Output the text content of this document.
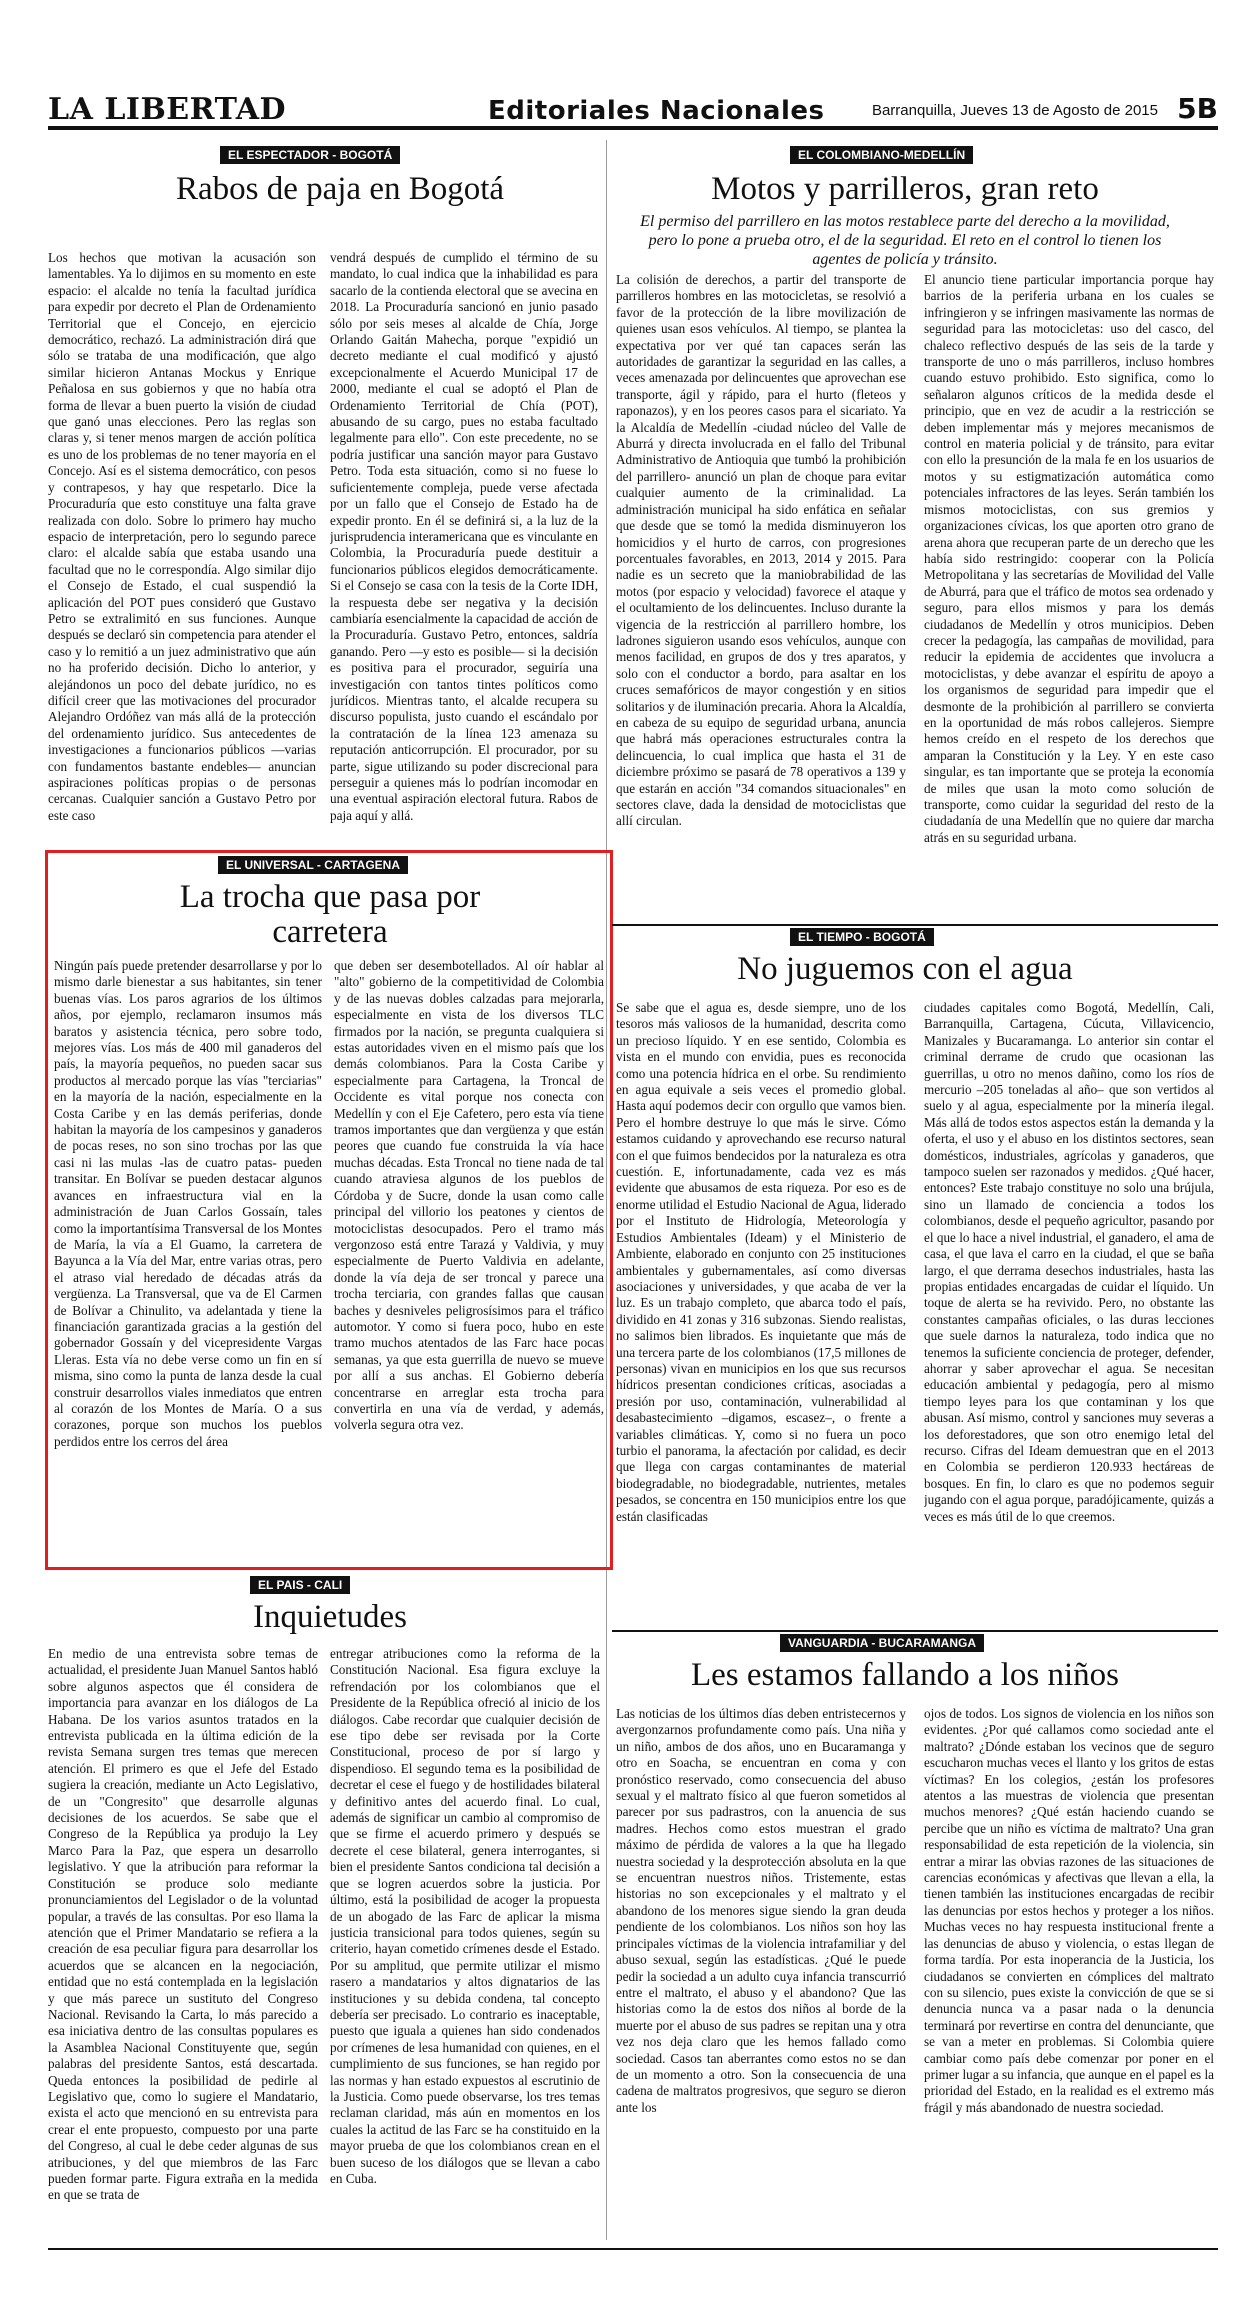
LA LIBERTAD	Editoriales Nacionales	Barranquilla, Jueves 13 de Agosto de 2015 5B
EL ESPECTADOR - BOGOTÁ
Rabos de paja en Bogotá
Los hechos que motivan la acusación son lamentables. Ya lo dijimos en su momento en este espacio: el alcalde no tenía la facultad jurídica para expedir por decreto el Plan de Ordenamiento Territorial que el Concejo, en ejercicio democrático, rechazó. La administración dirá que sólo se trataba de una modificación, que algo similar hicieron Antanas Mockus y Enrique Peñalosa en sus gobiernos y que no había otra forma de llevar a buen puerto la visión de ciudad que ganó unas elecciones. Pero las reglas son claras y, si tener menos margen de acción política es uno de los problemas de no tener mayoría en el Concejo. Así es el sistema democrático, con pesos y contrapesos, y hay que respetarlo. Dice la Procuraduría que esto constituye una falta grave realizada con dolo. Sobre lo primero hay mucho espacio de interpretación, pero lo segundo parece claro: el alcalde sabía que estaba usando una facultad que no le correspondía. Algo similar dijo el Consejo de Estado, el cual suspendió la aplicación del POT pues consideró que Gustavo Petro se extralimitó en sus funciones. Aunque después se declaró sin competencia para atender el caso y lo remitió a un juez administrativo que aún no ha proferido decisión. Dicho lo anterior, y alejándonos un poco del debate jurídico, no es difícil creer que las motivaciones del procurador Alejandro Ordóñez van más allá de la protección del ordenamiento jurídico. Sus antecedentes de investigaciones a funcionarios públicos —varias con fundamentos bastante endebles— anuncian aspiraciones políticas propias o de personas cercanas. Cualquier sanción a Gustavo Petro por este caso
vendrá después de cumplido el término de su mandato, lo cual indica que la inhabilidad es para sacarlo de la contienda electoral que se avecina en 2018. La Procuraduría sancionó en junio pasado sólo por seis meses al alcalde de Chía, Jorge Orlando Gaitán Mahecha, porque "expidió un decreto mediante el cual modificó y ajustó excepcionalmente el Acuerdo Municipal 17 de 2000, mediante el cual se adoptó el Plan de Ordenamiento Territorial de Chía (POT), abusando de su cargo, pues no estaba facultado legalmente para ello". Con este precedente, no se podría justificar una sanción mayor para Gustavo Petro. Toda esta situación, como si no fuese lo suficientemente compleja, puede verse afectada por un fallo que el Consejo de Estado ha de expedir pronto. En él se definirá si, a la luz de la jurisprudencia interamericana que es vinculante en Colombia, la Procuraduría puede destituir a funcionarios públicos elegidos democráticamente. Si el Consejo se casa con la tesis de la Corte IDH, la respuesta debe ser negativa y la decisión cambiaría esencialmente la capacidad de acción de la Procuraduría. Gustavo Petro, entonces, saldría ganando. Pero —y esto es posible— si la decisión es positiva para el procurador, seguiría una investigación con tantos tintes políticos como jurídicos. Mientras tanto, el alcalde recupera su discurso populista, justo cuando el escándalo por la contratación de la línea 123 amenaza su reputación anticorrupción. El procurador, por su parte, sigue utilizando su poder discrecional para perseguir a quienes más lo podrían incomodar en una eventual aspiración electoral futura. Rabos de paja aquí y allá.
EL COLOMBIANO-MEDELLÍN
Motos y parrilleros, gran reto
El permiso del parrillero en las motos restablece parte del derecho a la movilidad, pero lo pone a prueba otro, el de la seguridad. El reto en el control lo tienen los agentes de policía y tránsito.
La colisión de derechos, a partir del transporte de parrilleros hombres en las motocicletas, se resolvió a favor de la protección de la libre movilización de quienes usan esos vehículos. Al tiempo, se plantea la expectativa por ver qué tan capaces serán las autoridades de garantizar la seguridad en las calles, a veces amenazada por delincuentes que aprovechan ese transporte, ágil y rápido, para el hurto (fleteos y raponazos), y en los peores casos para el sicariato. Ya la Alcaldía de Medellín -ciudad núcleo del Valle de Aburrá y directa involucrada en el fallo del Tribunal Administrativo de Antioquia que tumbó la prohibición del parrillero- anunció un plan de choque para evitar cualquier aumento de la criminalidad. La administración municipal ha sido enfática en señalar que desde que se tomó la medida disminuyeron los homicidios y el hurto de carros, con progresiones porcentuales favorables, en 2013, 2014 y 2015. Para nadie es un secreto que la maniobrabilidad de las motos (por espacio y velocidad) favorece el ataque y el ocultamiento de los delincuentes. Incluso durante la vigencia de la restricción al parrillero hombre, los ladrones siguieron usando esos vehículos, aunque con menos facilidad, en grupos de dos y tres aparatos, y solo con el conductor a bordo, para asaltar en los cruces semafóricos de mayor congestión y en sitios solitarios y de iluminación precaria. Ahora la Alcaldía, en cabeza de su equipo de seguridad urbana, anuncia que habrá más operaciones estructurales contra la delincuencia, lo cual implica que hasta el 31 de diciembre próximo se pasará de 78 operativos a 139 y que estarán en acción "34 comandos situacionales" en sectores clave, dada la densidad de motociclistas que allí circulan.
El anuncio tiene particular importancia porque hay barrios de la periferia urbana en los cuales se infringieron y se infringen masivamente las normas de seguridad para las motocicletas: uso del casco, del chaleco reflectivo después de las seis de la tarde y transporte de uno o más parrilleros, incluso hombres cuando estuvo prohibido. Esto significa, como lo señalaron algunos críticos de la medida desde el principio, que en vez de acudir a la restricción se deben implementar más y mejores mecanismos de control en materia policial y de tránsito, para evitar con ello la presunción de la mala fe en los usuarios de motos y su estigmatización automática como potenciales infractores de las leyes. Serán también los mismos motociclistas, con sus gremios y organizaciones cívicas, los que aporten otro grano de arena ahora que recuperan parte de un derecho que les había sido restringido: cooperar con la Policía Metropolitana y las secretarías de Movilidad del Valle de Aburrá, para que el tráfico de motos sea ordenado y seguro, para ellos mismos y para los demás ciudadanos de Medellín y otros municipios. Deben crecer la pedagogía, las campañas de movilidad, para reducir la epidemia de accidentes que involucra a motociclistas, y debe avanzar el espíritu de apoyo a los organismos de seguridad para impedir que el desmonte de la prohibición al parrillero se convierta en la oportunidad de más robos callejeros. Siempre hemos creído en el respeto de los derechos que amparan la Constitución y la Ley. Y en este caso singular, es tan importante que se proteja la economía de miles que usan la moto como solución de transporte, como cuidar la seguridad del resto de la ciudadanía de una Medellín que no quiere dar marcha atrás en su seguridad urbana.
EL UNIVERSAL - CARTAGENA
La trocha que pasa por carretera
Ningún país puede pretender desarrollarse y por lo mismo darle bienestar a sus habitantes, sin tener buenas vías. Los paros agrarios de los últimos años, por ejemplo, reclamaron insumos más baratos y asistencia técnica, pero sobre todo, mejores vías. Los más de 400 mil ganaderos del país, la mayoría pequeños, no pueden sacar sus productos al mercado porque las vías "terciarias" en la mayoría de la nación, especialmente en la Costa Caribe y en las demás periferias, donde habitan la mayoría de los campesinos y ganaderos de pocas reses, no son sino trochas por las que casi ni las mulas -las de cuatro patas- pueden transitar. En Bolívar se pueden destacar algunos avances en infraestructura vial en la administración de Juan Carlos Gossaín, tales como la importantísima Transversal de los Montes de María, la vía a El Guamo, la carretera de Bayunca a la Vía del Mar, entre varias otras, pero el atraso vial heredado de décadas atrás da vergüenza. La Transversal, que va de El Carmen de Bolívar a Chinulito, va adelantada y tiene la financiación garantizada gracias a la gestión del gobernador Gossaín y del vicepresidente Vargas Lleras. Esta vía no debe verse como un fin en sí misma, sino como la punta de lanza desde la cual construir desarrollos viales inmediatos que entren al corazón de los Montes de María. O a sus corazones, porque son muchos los pueblos perdidos entre los cerros del área
que deben ser desembotellados. Al oír hablar al "alto" gobierno de la competitividad de Colombia y de las nuevas dobles calzadas para mejorarla, especialmente en vista de los diversos TLC firmados por la nación, se pregunta cualquiera si estas autoridades viven en el mismo país que los demás colombianos. Para la Costa Caribe y especialmente para Cartagena, la Troncal de Occidente es vital porque nos conecta con Medellín y con el Eje Cafetero, pero esta vía tiene tramos importantes que dan vergüenza y que están peores que cuando fue construida la vía hace muchas décadas. Esta Troncal no tiene nada de tal cuando atraviesa algunos de los pueblos de Córdoba y de Sucre, donde la usan como calle principal del villorio los peatones y cientos de motociclistas desocupados. Pero el tramo más vergonzoso está entre Tarazá y Valdivia, y muy especialmente de Puerto Valdivia en adelante, donde la vía deja de ser troncal y parece una trocha terciaria, con grandes fallas que causan baches y desniveles peligrosísimos para el tráfico automotor. Y como si fuera poco, hubo en este tramo muchos atentados de las Farc hace pocas semanas, ya que esta guerrilla de nuevo se mueve por allí a sus anchas. El Gobierno debería concentrarse en arreglar esta trocha para convertirla en una vía de verdad, y además, volverla segura otra vez.
EL TIEMPO - BOGOTÁ
No juguemos con el agua
Se sabe que el agua es, desde siempre, uno de los tesoros más valiosos de la humanidad, descrita como un precioso líquido. Y en ese sentido, Colombia es vista en el mundo con envidia, pues es reconocida como una potencia hídrica en el orbe. Su rendimiento en agua equivale a seis veces el promedio global. Hasta aquí podemos decir con orgullo que vamos bien. Pero el hombre destruye lo que más le sirve. Cómo estamos cuidando y aprovechando ese recurso natural con el que fuimos bendecidos por la naturaleza es otra cuestión. E, infortunadamente, cada vez es más evidente que abusamos de esta riqueza. Por eso es de enorme utilidad el Estudio Nacional de Agua, liderado por el Instituto de Hidrología, Meteorología y Estudios Ambientales (Ideam) y el Ministerio de Ambiente, elaborado en conjunto con 25 instituciones ambientales y gubernamentales, así como diversas asociaciones y universidades, y que acaba de ver la luz. Es un trabajo completo, que abarca todo el país, dividido en 41 zonas y 316 subzonas. Siendo realistas, no salimos bien librados. Es inquietante que más de una tercera parte de los colombianos (17,5 millones de personas) vivan en municipios en los que sus recursos hídricos presentan condiciones críticas, asociadas a presión por uso, contaminación, vulnerabilidad al desabastecimiento –digamos, escasez–, o frente a variables climáticas. Y, como si no fuera un poco turbio el panorama, la afectación por calidad, es decir que llega con cargas contaminantes de material biodegradable, no biodegradable, nutrientes, metales pesados, se concentra en 150 municipios entre los que están clasificadas
ciudades capitales como Bogotá, Medellín, Cali, Barranquilla, Cartagena, Cúcuta, Villavicencio, Manizales y Bucaramanga. Lo anterior sin contar el criminal derrame de crudo que ocasionan las guerrillas, u otro no menos dañino, como los ríos de mercurio –205 toneladas al año– que son vertidos al suelo y al agua, especialmente por la minería ilegal. Más allá de todos estos aspectos están la demanda y la oferta, el uso y el abuso en los distintos sectores, sean domésticos, industriales, agrícolas y ganaderos, que tampoco suelen ser razonados y medidos. ¿Qué hacer, entonces? Este trabajo constituye no solo una brújula, sino un llamado de conciencia a todos los colombianos, desde el pequeño agricultor, pasando por el que lo hace a nivel industrial, el ganadero, el ama de casa, el que lava el carro en la ciudad, el que se baña largo, el que derrama desechos industriales, hasta las propias entidades encargadas de cuidar el líquido. Un toque de alerta se ha revivido. Pero, no obstante las constantes campañas oficiales, o las duras lecciones que suele darnos la naturaleza, todo indica que no tenemos la suficiente conciencia de proteger, defender, ahorrar y saber aprovechar el agua. Se necesitan educación ambiental y pedagogía, pero al mismo tiempo leyes para los que contaminan y los que abusan. Así mismo, control y sanciones muy severas a los deforestadores, que son otro enemigo letal del recurso. Cifras del Ideam demuestran que en el 2013 en Colombia se perdieron 120.933 hectáreas de bosques. En fin, lo claro es que no podemos seguir jugando con el agua porque, paradójicamente, quizás a veces es más útil de lo que creemos.
EL PAIS - CALI
Inquietudes
En medio de una entrevista sobre temas de actualidad, el presidente Juan Manuel Santos habló sobre algunos aspectos que él considera de importancia para avanzar en los diálogos de La Habana. De los varios asuntos tratados en la entrevista publicada en la última edición de la revista Semana surgen tres temas que merecen atención. El primero es que el Jefe del Estado sugiera la creación, mediante un Acto Legislativo, de un "Congresito" que desarrolle algunas decisiones de los acuerdos. Se sabe que el Congreso de la República ya produjo la Ley Marco Para la Paz, que espera un desarrollo legislativo. Y que la atribución para reformar la Constitución se produce solo mediante pronunciamientos del Legislador o de la voluntad popular, a través de las consultas. Por eso llama la atención que el Primer Mandatario se refiera a la creación de esa peculiar figura para desarrollar los acuerdos que se alcancen en la negociación, entidad que no está contemplada en la legislación y que más parece un sustituto del Congreso Nacional. Revisando la Carta, lo más parecido a esa iniciativa dentro de las consultas populares es la Asamblea Nacional Constituyente que, según palabras del presidente Santos, está descartada. Queda entonces la posibilidad de pedirle al Legislativo que, como lo sugiere el Mandatario, exista el acto que mencionó en su entrevista para crear el ente propuesto, compuesto por una parte del Congreso, al cual le debe ceder algunas de sus atribuciones, y del que miembros de las Farc pueden formar parte. Figura extraña en la medida en que se trata de
entregar atribuciones como la reforma de la Constitución Nacional. Esa figura excluye la refrendación por los colombianos que el Presidente de la República ofreció al inicio de los diálogos. Cabe recordar que cualquier decisión de ese tipo debe ser revisada por la Corte Constitucional, proceso de por sí largo y dispendioso. El segundo tema es la posibilidad de decretar el cese el fuego y de hostilidades bilateral y definitivo antes del acuerdo final. Lo cual, además de significar un cambio al compromiso de que se firme el acuerdo primero y después se decrete el cese bilateral, genera interrogantes, si bien el presidente Santos condiciona tal decisión a que se logren acuerdos sobre la justicia. Por último, está la posibilidad de acoger la propuesta de un abogado de las Farc de aplicar la misma justicia transicional para todos quienes, según su criterio, hayan cometido crímenes desde el Estado. Por su amplitud, que permite utilizar el mismo rasero a mandatarios y altos dignatarios de las instituciones y su debida condena, tal concepto debería ser precisado. Lo contrario es inaceptable, puesto que iguala a quienes han sido condenados por crímenes de lesa humanidad con quienes, en el cumplimiento de sus funciones, se han regido por las normas y han estado expuestos al escrutinio de la Justicia. Como puede observarse, los tres temas reclaman claridad, más aún en momentos en los cuales la actitud de las Farc se ha constituido en la mayor prueba de que los colombianos crean en el buen suceso de los diálogos que se llevan a cabo en Cuba.
VANGUARDIA - BUCARAMANGA
Les estamos fallando a los niños
Las noticias de los últimos días deben entristecernos y avergonzarnos profundamente como país. Una niña y un niño, ambos de dos años, uno en Bucaramanga y otro en Soacha, se encuentran en coma y con pronóstico reservado, como consecuencia del abuso sexual y el maltrato físico al que fueron sometidos al parecer por sus padrastros, con la anuencia de sus madres. Hechos como estos muestran el grado máximo de pérdida de valores a la que ha llegado nuestra sociedad y la desprotección absoluta en la que se encuentran nuestros niños. Tristemente, estas historias no son excepcionales y el maltrato y el abandono de los menores sigue siendo la gran deuda pendiente de los colombianos. Los niños son hoy las principales víctimas de la violencia intrafamiliar y del abuso sexual, según las estadísticas. ¿Qué le puede pedir la sociedad a un adulto cuya infancia transcurrió entre el maltrato, el abuso y el abandono? Que las historias como la de estos dos niños al borde de la muerte por el abuso de sus padres se repitan una y otra vez nos deja claro que les hemos fallado como sociedad. Casos tan aberrantes como estos no se dan de un momento a otro. Son la consecuencia de una cadena de maltratos progresivos, que seguro se dieron ante los
ojos de todos. Los signos de violencia en los niños son evidentes. ¿Por qué callamos como sociedad ante el maltrato? ¿Dónde estaban los vecinos que de seguro escucharon muchas veces el llanto y los gritos de estas víctimas? En los colegios, ¿están los profesores atentos a las muestras de violencia que presentan muchos menores? ¿Qué están haciendo cuando se percibe que un niño es víctima de maltrato? Una gran responsabilidad de esta repetición de la violencia, sin entrar a mirar las obvias razones de las situaciones de carencias económicas y afectivas que llevan a ella, la tienen también las instituciones encargadas de recibir las denuncias por estos hechos y proteger a los niños. Muchas veces no hay respuesta institucional frente a las denuncias de abuso y violencia, o estas llegan de forma tardía. Por esta inoperancia de la Justicia, los ciudadanos se convierten en cómplices del maltrato con su silencio, pues existe la convicción de que se si denuncia nunca va a pasar nada o la denuncia terminará por revertirse en contra del denunciante, que se van a meter en problemas. Si Colombia quiere cambiar como país debe comenzar por poner en el primer lugar a su infancia, que aunque en el papel es la prioridad del Estado, en la realidad es el extremo más frágil y más abandonado de nuestra sociedad.
